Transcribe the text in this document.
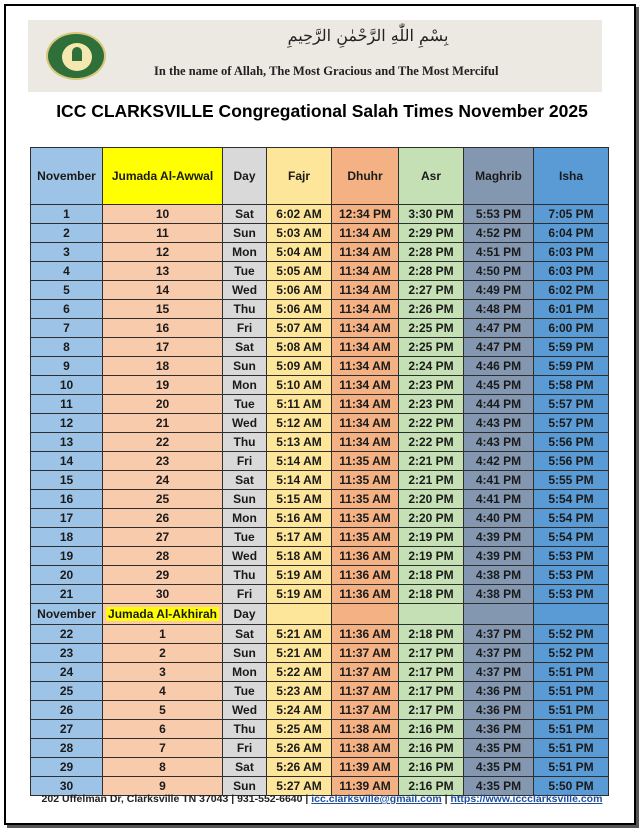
بِسْمِ اللّٰهِ الرَّحْمٰنِ الرَّحِيمِ
In the name of Allah, The Most Gracious and The Most Merciful
ICC CLARKSVILLE Congregational Salah Times November 2025
November	Jumada Al-Awwal	Day	Fajr	Dhuhr	Asr	Maghrib	Isha
1	10	Sat	6:02 AM	12:34 PM	3:30 PM	5:53 PM	7:05 PM
2	11	Sun	5:03 AM	11:34 AM	2:29 PM	4:52 PM	6:04 PM
3	12	Mon	5:04 AM	11:34 AM	2:28 PM	4:51 PM	6:03 PM
4	13	Tue	5:05 AM	11:34 AM	2:28 PM	4:50 PM	6:03 PM
5	14	Wed	5:06 AM	11:34 AM	2:27 PM	4:49 PM	6:02 PM
6	15	Thu	5:06 AM	11:34 AM	2:26 PM	4:48 PM	6:01 PM
7	16	Fri	5:07 AM	11:34 AM	2:25 PM	4:47 PM	6:00 PM
8	17	Sat	5:08 AM	11:34 AM	2:25 PM	4:47 PM	5:59 PM
9	18	Sun	5:09 AM	11:34 AM	2:24 PM	4:46 PM	5:59 PM
10	19	Mon	5:10 AM	11:34 AM	2:23 PM	4:45 PM	5:58 PM
11	20	Tue	5:11 AM	11:34 AM	2:23 PM	4:44 PM	5:57 PM
12	21	Wed	5:12 AM	11:34 AM	2:22 PM	4:43 PM	5:57 PM
13	22	Thu	5:13 AM	11:34 AM	2:22 PM	4:43 PM	5:56 PM
14	23	Fri	5:14 AM	11:35 AM	2:21 PM	4:42 PM	5:56 PM
15	24	Sat	5:14 AM	11:35 AM	2:21 PM	4:41 PM	5:55 PM
16	25	Sun	5:15 AM	11:35 AM	2:20 PM	4:41 PM	5:54 PM
17	26	Mon	5:16 AM	11:35 AM	2:20 PM	4:40 PM	5:54 PM
18	27	Tue	5:17 AM	11:35 AM	2:19 PM	4:39 PM	5:54 PM
19	28	Wed	5:18 AM	11:36 AM	2:19 PM	4:39 PM	5:53 PM
20	29	Thu	5:19 AM	11:36 AM	2:18 PM	4:38 PM	5:53 PM
21	30	Fri	5:19 AM	11:36 AM	2:18 PM	4:38 PM	5:53 PM
November	Jumada Al-Akhirah	Day					
22	1	Sat	5:21 AM	11:36 AM	2:18 PM	4:37 PM	5:52 PM
23	2	Sun	5:21 AM	11:37 AM	2:17 PM	4:37 PM	5:52 PM
24	3	Mon	5:22 AM	11:37 AM	2:17 PM	4:37 PM	5:51 PM
25	4	Tue	5:23 AM	11:37 AM	2:17 PM	4:36 PM	5:51 PM
26	5	Wed	5:24 AM	11:37 AM	2:17 PM	4:36 PM	5:51 PM
27	6	Thu	5:25 AM	11:38 AM	2:16 PM	4:36 PM	5:51 PM
28	7	Fri	5:26 AM	11:38 AM	2:16 PM	4:35 PM	5:51 PM
29	8	Sat	5:26 AM	11:39 AM	2:16 PM	4:35 PM	5:51 PM
30	9	Sun	5:27 AM	11:39 AM	2:16 PM	4:35 PM	5:50 PM
202 Uffelman Dr, Clarksville TN 37043 | 931-552-6640 | icc.clarksville@gmail.com | https://www.iccclarksville.com
